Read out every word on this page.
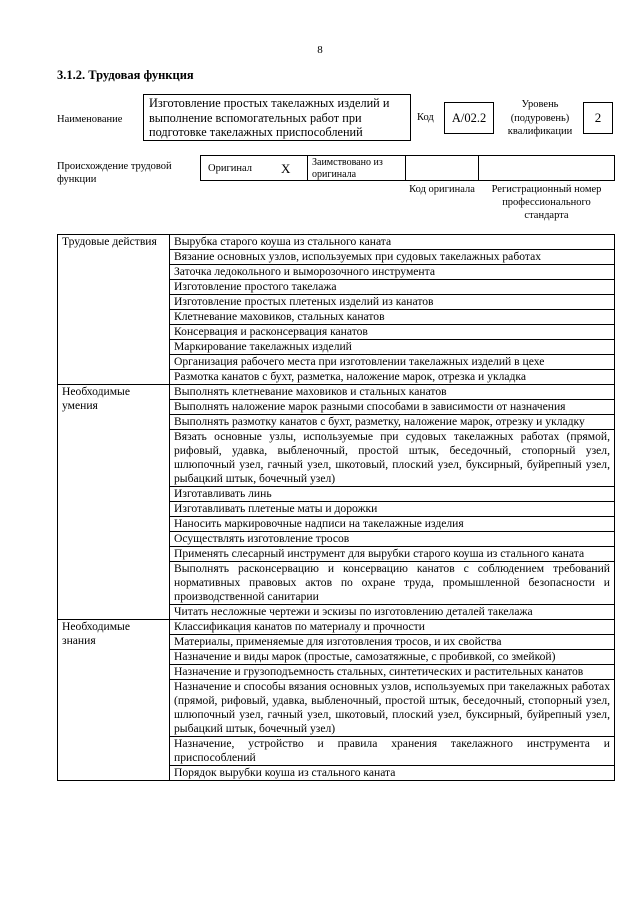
8
3.1.2. Трудовая функция
Наименование
Изготовление простых такелажных изделий и выполнение вспомогательных работ при подготовке такелажных приспособлений
Код	А/02.2
Уровень (подуровень) квалификации
2
Происхождение трудовой функции
Оригинал X Заимствовано из оригинала
Код оригинала	Регистрационный номер профессионального стандарта
Трудовые действия	Вырубка старого коуша из стального каната
	Вязание основных узлов, используемых при судовых такелажных работах
	Заточка ледокольного и выморозочного инструмента
	Изготовление простого такелажа
	Изготовление простых плетеных изделий из канатов
	Клетневание маховиков, стальных канатов
	Консервация и расконсервация канатов
	Маркирование такелажных изделий
	Организация рабочего места при изготовлении такелажных изделий в цехе
	Размотка канатов с бухт, разметка, наложение марок, отрезка и укладка
Необходимые умения	Выполнять клетневание маховиков и стальных канатов
	Выполнять наложение марок разными способами в зависимости от назначения
	Выполнять размотку канатов с бухт, разметку, наложение марок, отрезку и укладку
	Вязать основные узлы, используемые при судовых такелажных работах (прямой, рифовый, удавка, выбленочный, простой штык, беседочный, стопорный узел, шлюпочный узел, гачный узел, шкотовый, плоский узел, буксирный, буйрепный узел, рыбацкий штык, бочечный узел)
	Изготавливать линь
	Изготавливать плетеные маты и дорожки
	Наносить маркировочные надписи на такелажные изделия
	Осуществлять изготовление тросов
	Применять слесарный инструмент для вырубки старого коуша из стального каната
	Выполнять расконсервацию и консервацию канатов с соблюдением требований нормативных правовых актов по охране труда, промышленной безопасности и производственной санитарии
	Читать несложные чертежи и эскизы по изготовлению деталей такелажа
Необходимые знания	Классификация канатов по материалу и прочности
	Материалы, применяемые для изготовления тросов, и их свойства
	Назначение и виды марок (простые, самозатяжные, с пробивкой, со змейкой)
	Назначение и грузоподъемность стальных, синтетических и растительных канатов
	Назначение и способы вязания основных узлов, используемых при такелажных работах (прямой, рифовый, удавка, выбленочный, простой штык, беседочный, стопорный узел, шлюпочный узел, гачный узел, шкотовый, плоский узел, буксирный, буйрепный узел, рыбацкий штык, бочечный узел)
	Назначение, устройство и правила хранения такелажного инструмента и приспособлений
	Порядок вырубки коуша из стального каната
